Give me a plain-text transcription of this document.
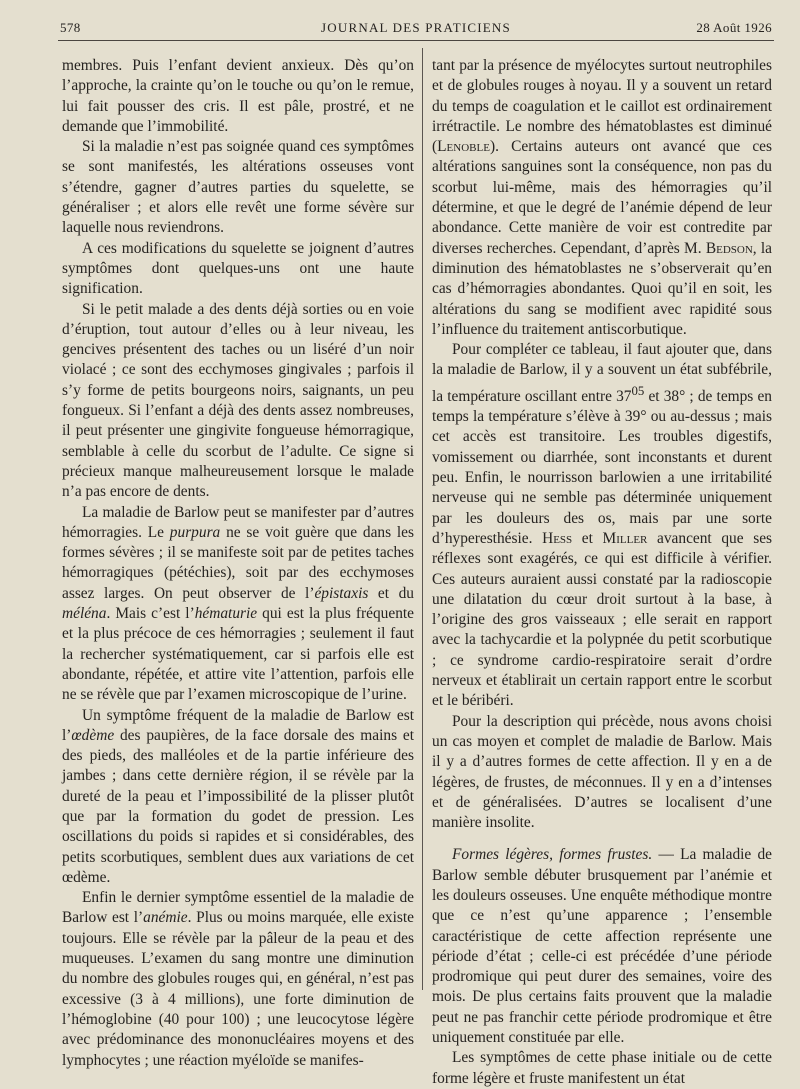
578	JOURNAL DES PRATICIENS	28 Août 1926

membres. Puis l’enfant devient anxieux. Dès qu’on l’approche, la crainte qu’on le touche ou qu’on le remue, lui fait pousser des cris. Il est pâle, prostré, et ne demande que l’immobilité.

Si la maladie n’est pas soignée quand ces symptômes se sont manifestés, les altérations osseuses vont s’étendre, gagner d’autres parties du squelette, se généraliser ; et alors elle revêt une forme sévère sur laquelle nous reviendrons.

A ces modifications du squelette se joignent d’autres symptômes dont quelques-uns ont une haute signification.

Si le petit malade a des dents déjà sorties ou en voie d’éruption, tout autour d’elles ou à leur niveau, les gencives présentent des taches ou un liséré d’un noir violacé ; ce sont des ecchymoses gingivales ; parfois il s’y forme de petits bourgeons noirs, saignants, un peu fongueux. Si l’enfant a déjà des dents assez nombreuses, il peut présenter une gingivite fongueuse hémorragique, semblable à celle du scorbut de l’adulte. Ce signe si précieux manque malheureusement lorsque le malade n’a pas encore de dents.

La maladie de Barlow peut se manifester par d’autres hémorragies. Le purpura ne se voit guère que dans les formes sévères ; il se manifeste soit par de petites taches hémorragiques (pétéchies), soit par des ecchymoses assez larges. On peut observer de l’épistaxis et du méléna. Mais c’est l’hématurie qui est la plus fréquente et la plus précoce de ces hémorragies ; seulement il faut la rechercher systématiquement, car si parfois elle est abondante, répétée, et attire vite l’attention, parfois elle ne se révèle que par l’examen microscopique de l’urine.

Un symptôme fréquent de la maladie de Barlow est l’œdème des paupières, de la face dorsale des mains et des pieds, des malléoles et de la partie inférieure des jambes ; dans cette dernière région, il se révèle par la dureté de la peau et l’impossibilité de la plisser plutôt que par la formation du godet de pression. Les oscillations du poids si rapides et si considérables, des petits scorbutiques, semblent dues aux variations de cet œdème.

Enfin le dernier symptôme essentiel de la maladie de Barlow est l’anémie. Plus ou moins marquée, elle existe toujours. Elle se révèle par la pâleur de la peau et des muqueuses. L’examen du sang montre une diminution du nombre des globules rouges qui, en général, n’est pas excessive (3 à 4 millions), une forte diminution de l’hémoglobine (40 pour 100) ; une leucocytose légère avec prédominance des mononucléaires moyens et des lymphocytes ; une réaction myéloïde se manifes-

tant par la présence de myélocytes surtout neutrophiles et de globules rouges à noyau. Il y a souvent un retard du temps de coagulation et le caillot est ordinairement irrétractile. Le nombre des hématoblastes est diminué (Lenoble). Certains auteurs ont avancé que ces altérations sanguines sont la conséquence, non pas du scorbut lui-même, mais des hémorragies qu’il détermine, et que le degré de l’anémie dépend de leur abondance. Cette manière de voir est contredite par diverses recherches. Cependant, d’après M. Bedson, la diminution des hématoblastes ne s’observerait qu’en cas d’hémorragies abondantes. Quoi qu’il en soit, les altérations du sang se modifient avec rapidité sous l’influence du traitement antiscorbutique.

Pour compléter ce tableau, il faut ajouter que, dans la maladie de Barlow, il y a souvent un état subfébrile, la température oscillant entre $37^{05}$ et 38° ; de temps en temps la température s’élève à 39° ou au-dessus ; mais cet accès est transitoire. Les troubles digestifs, vomissement ou diarrhée, sont inconstants et durent peu. Enfin, le nourrisson barlowien a une irritabilité nerveuse qui ne semble pas déterminée uniquement par les douleurs des os, mais par une sorte d’hyperesthésie. Hess et Miller avancent que ses réflexes sont exagérés, ce qui est difficile à vérifier. Ces auteurs auraient aussi constaté par la radioscopie une dilatation du cœur droit surtout à la base, à l’origine des gros vaisseaux ; elle serait en rapport avec la tachycardie et la polypnée du petit scorbutique ; ce syndrome cardio-respiratoire serait d’ordre nerveux et établirait un certain rapport entre le scorbut et le béribéri.

Pour la description qui précède, nous avons choisi un cas moyen et complet de maladie de Barlow. Mais il y a d’autres formes de cette affection. Il y en a de légères, de frustes, de méconnues. Il y en a d’intenses et de généralisées. D’autres se localisent d’une manière insolite.

Formes légères, formes frustes. — La maladie de Barlow semble débuter brusquement par l’anémie et les douleurs osseuses. Une enquête méthodique montre que ce n’est qu’une apparence ; l’ensemble caractéristique de cette affection représente une période d’état ; celle-ci est précédée d’une période prodromique qui peut durer des semaines, voire des mois. De plus certains faits prouvent que la maladie peut ne pas franchir cette période prodromique et être uniquement constituée par elle.

Les symptômes de cette phase initiale ou de cette forme légère et fruste manifestent un état
